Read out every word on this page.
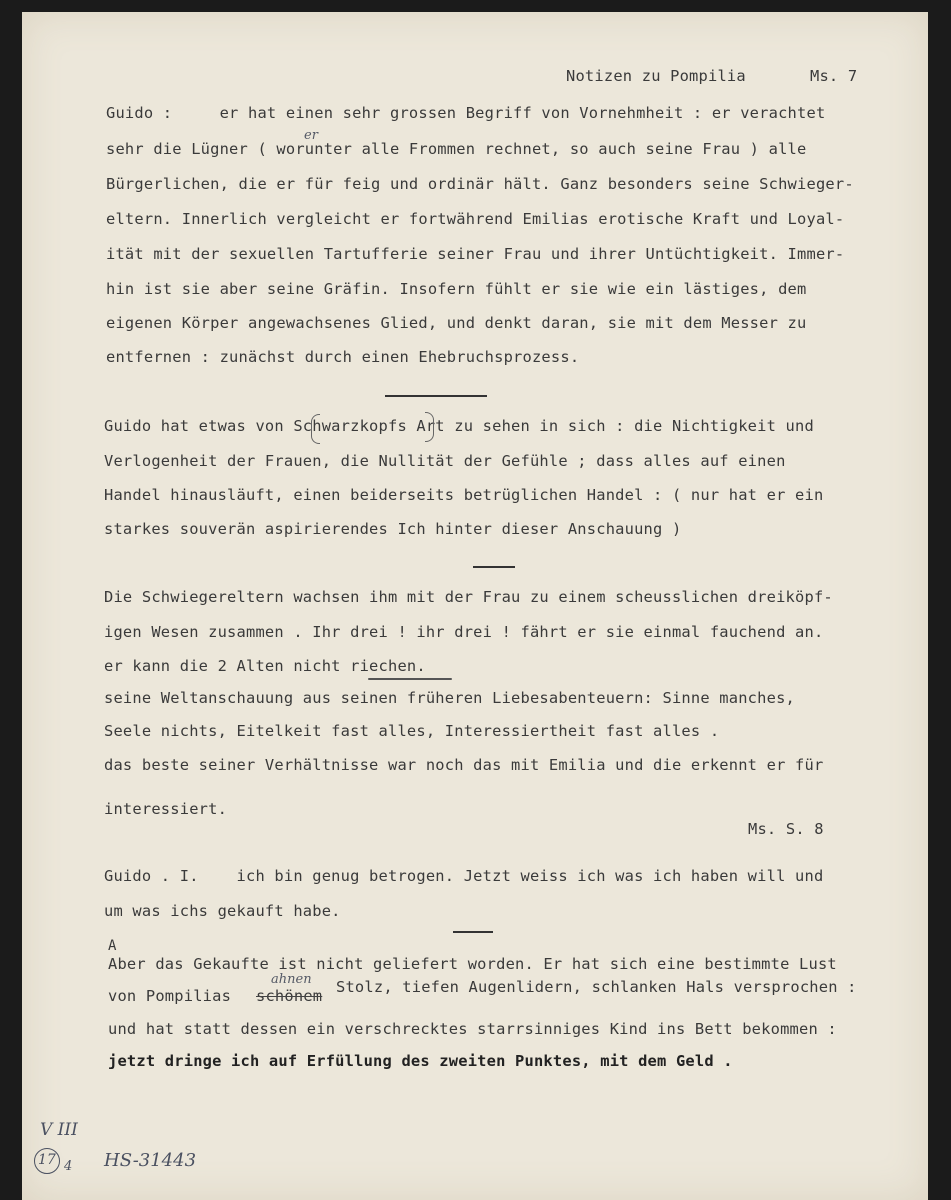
Notizen zu Pompilia	Ms. 7
Guido :     er hat einen sehr grossen Begriff von Vornehmheit : er verachtet
er
sehr die Lügner ( worunter alle Frommen rechnet, so auch seine Frau ) alle
Bürgerlichen, die er für feig und ordinär hält. Ganz besonders seine Schwieger-
eltern. Innerlich vergleicht er fortwährend Emilias erotische Kraft und Loyal-
ität mit der sexuellen Tartufferie seiner Frau und ihrer Untüchtigkeit. Immer-
hin ist sie aber seine Gräfin. Insofern fühlt er sie wie ein lästiges, dem
eigenen Körper angewachsenes Glied, und denkt daran, sie mit dem Messer zu
entfernen : zunächst durch einen Ehebruchsprozess.
Guido hat etwas von Schwarzkopfs Art zu sehen in sich : die Nichtigkeit und
Verlogenheit der Frauen, die Nullität der Gefühle ; dass alles auf einen
Handel hinausläuft, einen beiderseits betrüglichen Handel : ( nur hat er ein
starkes souverän aspirierendes Ich hinter dieser Anschauung )
Die Schwiegereltern wachsen ihm mit der Frau zu einem scheusslichen dreiköpf-
igen Wesen zusammen . Ihr drei ! ihr drei ! fährt er sie einmal fauchend an.
er kann die 2 Alten nicht riechen.
seine Weltanschauung aus seinen früheren Liebesabenteuern: Sinne manches,
Seele nichts, Eitelkeit fast alles, Interessiertheit fast alles .
das beste seiner Verhältnisse war noch das mit Emilia und die erkennt er für
interessiert.
Ms. S. 8
Guido . I.    ich bin genug betrogen. Jetzt weiss ich was ich haben will und
um was ichs gekauft habe.
A
Aber das Gekaufte ist nicht geliefert worden. Er hat sich eine bestimmte Lust
von Pompilias schönem
ahnen Stolz, tiefen Augenlidern, schlanken Hals versprochen :
und hat statt dessen ein verschrecktes starrsinniges Kind ins Bett bekommen :
jetzt dringe ich auf Erfüllung des zweiten Punktes, mit dem Geld .
V III
17 4 HS-31443
